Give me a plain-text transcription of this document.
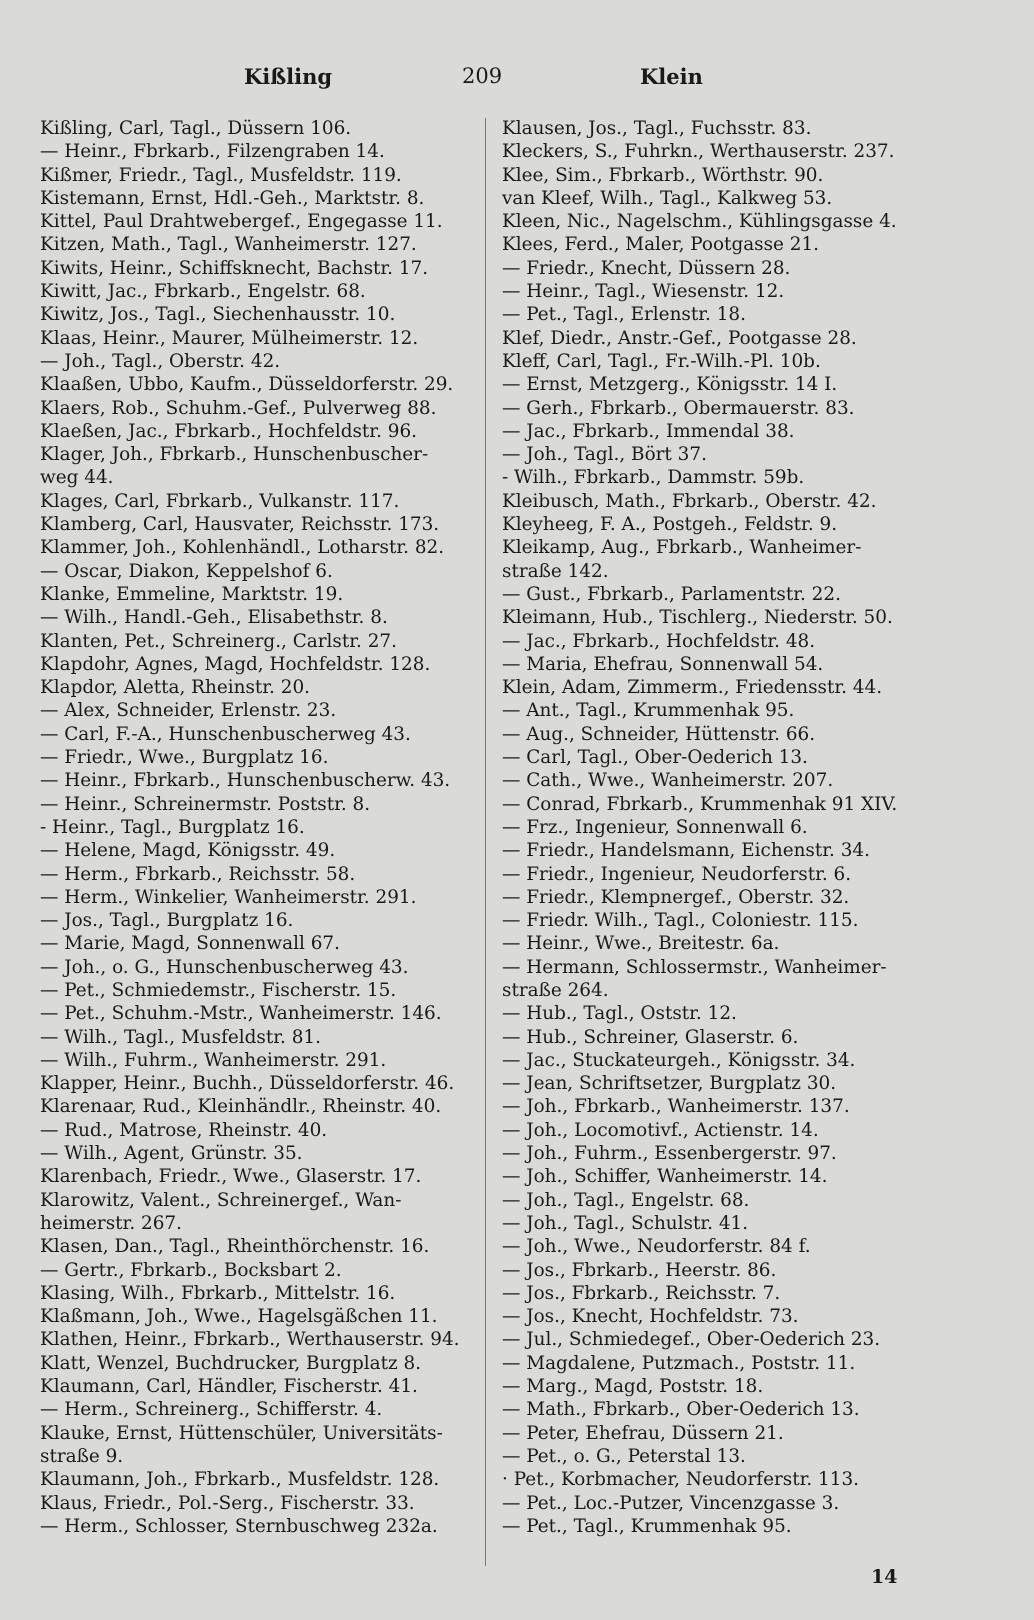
Kißling	209	Klein
Kißling, Carl, Tagl., Düssern 106.
— Heinr., Fbrkarb., Filzengraben 14.
Kißmer, Friedr., Tagl., Musfeldstr. 119.
Kistemann, Ernst, Hdl.-Geh., Marktstr. 8.
Kittel, Paul Drahtwebergef., Engegasse 11.
Kitzen, Math., Tagl., Wanheimerstr. 127.
Kiwits, Heinr., Schiffsknecht, Bachstr. 17.
Kiwitt, Jac., Fbrkarb., Engelstr. 68.
Kiwitz, Jos., Tagl., Siechenhausstr. 10.
Klaas, Heinr., Maurer, Mülheimerstr. 12.
— Joh., Tagl., Oberstr. 42.
Klaaßen, Ubbo, Kaufm., Düsseldorferstr. 29.
Klaers, Rob., Schuhm.-Gef., Pulverweg 88.
Klaeßen, Jac., Fbrkarb., Hochfeldstr. 96.
Klager, Joh., Fbrkarb., Hunschenbuscher-
weg 44.
Klages, Carl, Fbrkarb., Vulkanstr. 117.
Klamberg, Carl, Hausvater, Reichsstr. 173.
Klammer, Joh., Kohlenhändl., Lotharstr. 82.
— Oscar, Diakon, Keppelshof 6.
Klanke, Emmeline, Marktstr. 19.
— Wilh., Handl.-Geh., Elisabethstr. 8.
Klanten, Pet., Schreinerg., Carlstr. 27.
Klapdohr, Agnes, Magd, Hochfeldstr. 128.
Klapdor, Aletta, Rheinstr. 20.
— Alex, Schneider, Erlenstr. 23.
— Carl, F.-A., Hunschenbuscherweg 43.
— Friedr., Wwe., Burgplatz 16.
— Heinr., Fbrkarb., Hunschenbuscherw. 43.
— Heinr., Schreinermstr. Poststr. 8.
- Heinr., Tagl., Burgplatz 16.
— Helene, Magd, Königsstr. 49.
— Herm., Fbrkarb., Reichsstr. 58.
— Herm., Winkelier, Wanheimerstr. 291.
— Jos., Tagl., Burgplatz 16.
— Marie, Magd, Sonnenwall 67.
— Joh., o. G., Hunschenbuscherweg 43.
— Pet., Schmiedemstr., Fischerstr. 15.
— Pet., Schuhm.-Mstr., Wanheimerstr. 146.
— Wilh., Tagl., Musfeldstr. 81.
— Wilh., Fuhrm., Wanheimerstr. 291.
Klapper, Heinr., Buchh., Düsseldorferstr. 46.
Klarenaar, Rud., Kleinhändlr., Rheinstr. 40.
— Rud., Matrose, Rheinstr. 40.
— Wilh., Agent, Grünstr. 35.
Klarenbach, Friedr., Wwe., Glaserstr. 17.
Klarowitz, Valent., Schreinergef., Wan-
heimerstr. 267.
Klasen, Dan., Tagl., Rheinthörchenstr. 16.
— Gertr., Fbrkarb., Bocksbart 2.
Klasing, Wilh., Fbrkarb., Mittelstr. 16.
Klaßmann, Joh., Wwe., Hagelsgäßchen 11.
Klathen, Heinr., Fbrkarb., Werthauserstr. 94.
Klatt, Wenzel, Buchdrucker, Burgplatz 8.
Klaumann, Carl, Händler, Fischerstr. 41.
— Herm., Schreinerg., Schifferstr. 4.
Klauke, Ernst, Hüttenschüler, Universitäts-
straße 9.
Klaumann, Joh., Fbrkarb., Musfeldstr. 128.
Klaus, Friedr., Pol.-Serg., Fischerstr. 33.
— Herm., Schlosser, Sternbuschweg 232a.
Klausen, Jos., Tagl., Fuchsstr. 83.
Kleckers, S., Fuhrkn., Werthauserstr. 237.
Klee, Sim., Fbrkarb., Wörthstr. 90.
van Kleef, Wilh., Tagl., Kalkweg 53.
Kleen, Nic., Nagelschm., Kühlingsgasse 4.
Klees, Ferd., Maler, Pootgasse 21.
— Friedr., Knecht, Düssern 28.
— Heinr., Tagl., Wiesenstr. 12.
— Pet., Tagl., Erlenstr. 18.
Klef, Diedr., Anstr.-Gef., Pootgasse 28.
Kleff, Carl, Tagl., Fr.-Wilh.-Pl. 10b.
— Ernst, Metzgerg., Königsstr. 14 I.
— Gerh., Fbrkarb., Obermauerstr. 83.
— Jac., Fbrkarb., Immendal 38.
— Joh., Tagl., Bört 37.
- Wilh., Fbrkarb., Dammstr. 59b.
Kleibusch, Math., Fbrkarb., Oberstr. 42.
Kleyheeg, F. A., Postgeh., Feldstr. 9.
Kleikamp, Aug., Fbrkarb., Wanheimer-
straße 142.
— Gust., Fbrkarb., Parlamentstr. 22.
Kleimann, Hub., Tischlerg., Niederstr. 50.
— Jac., Fbrkarb., Hochfeldstr. 48.
— Maria, Ehefrau, Sonnenwall 54.
Klein, Adam, Zimmerm., Friedensstr. 44.
— Ant., Tagl., Krummenhak 95.
— Aug., Schneider, Hüttenstr. 66.
— Carl, Tagl., Ober-Oederich 13.
— Cath., Wwe., Wanheimerstr. 207.
— Conrad, Fbrkarb., Krummenhak 91 XIV.
— Frz., Ingenieur, Sonnenwall 6.
— Friedr., Handelsmann, Eichenstr. 34.
— Friedr., Ingenieur, Neudorferstr. 6.
— Friedr., Klempnergef., Oberstr. 32.
— Friedr. Wilh., Tagl., Coloniestr. 115.
— Heinr., Wwe., Breitestr. 6a.
— Hermann, Schlossermstr., Wanheimer-
straße 264.
— Hub., Tagl., Oststr. 12.
— Hub., Schreiner, Glaserstr. 6.
— Jac., Stuckateurgeh., Königsstr. 34.
— Jean, Schriftsetzer, Burgplatz 30.
— Joh., Fbrkarb., Wanheimerstr. 137.
— Joh., Locomotivf., Actienstr. 14.
— Joh., Fuhrm., Essenbergerstr. 97.
— Joh., Schiffer, Wanheimerstr. 14.
— Joh., Tagl., Engelstr. 68.
— Joh., Tagl., Schulstr. 41.
— Joh., Wwe., Neudorferstr. 84 f.
— Jos., Fbrkarb., Heerstr. 86.
— Jos., Fbrkarb., Reichsstr. 7.
— Jos., Knecht, Hochfeldstr. 73.
— Jul., Schmiedegef., Ober-Oederich 23.
— Magdalene, Putzmach., Poststr. 11.
— Marg., Magd, Poststr. 18.
— Math., Fbrkarb., Ober-Oederich 13.
— Peter, Ehefrau, Düssern 21.
— Pet., o. G., Peterstal 13.
· Pet., Korbmacher, Neudorferstr. 113.
— Pet., Loc.-Putzer, Vincenzgasse 3.
— Pet., Tagl., Krummenhak 95.
14
